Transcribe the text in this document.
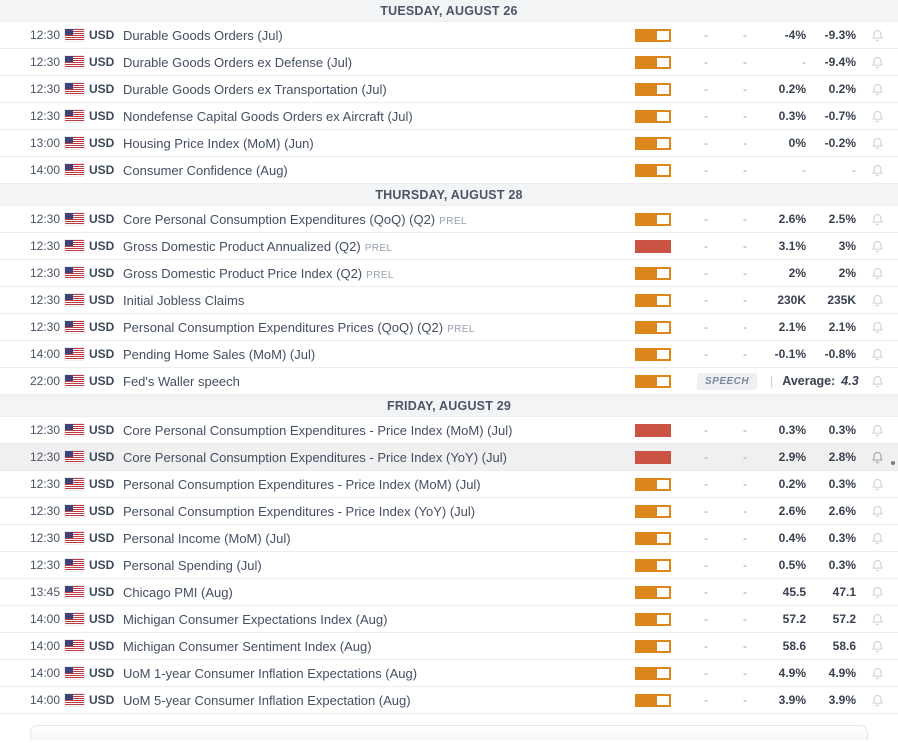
TUESDAY, AUGUST 26
12:30 USD Durable Goods Orders (Jul)	-	-	-4%	-9.3%
12:30 USD Durable Goods Orders ex Defense (Jul)	-	-	-	-9.4%
12:30 USD Durable Goods Orders ex Transportation (Jul)	-	-	0.2%	0.2%
12:30 USD Nondefense Capital Goods Orders ex Aircraft (Jul)	-	-	0.3%	-0.7%
13:00 USD Housing Price Index (MoM) (Jun)	-	-	0%	-0.2%
14:00 USD Consumer Confidence (Aug)	-	-	-	-
THURSDAY, AUGUST 28
12:30 USD Core Personal Consumption Expenditures (QoQ) (Q2) PREL	-	-	2.6%	2.5%
12:30 USD Gross Domestic Product Annualized (Q2) PREL	-	-	3.1%	3%
12:30 USD Gross Domestic Product Price Index (Q2) PREL	-	-	2%	2%
12:30 USD Initial Jobless Claims	-	-	230K	235K
12:30 USD Personal Consumption Expenditures Prices (QoQ) (Q2) PREL	-	-	2.1%	2.1%
14:00 USD Pending Home Sales (MoM) (Jul)	-	-	-0.1%	-0.8%
22:00 USD Fed's Waller speech	SPEECH	| Average: 4.3
FRIDAY, AUGUST 29
12:30 USD Core Personal Consumption Expenditures - Price Index (MoM) (Jul)	-	-	0.3%	0.3%
12:30 USD Core Personal Consumption Expenditures - Price Index (YoY) (Jul)	-	-	2.9%	2.8%
12:30 USD Personal Consumption Expenditures - Price Index (MoM) (Jul)	-	-	0.2%	0.3%
12:30 USD Personal Consumption Expenditures - Price Index (YoY) (Jul)	-	-	2.6%	2.6%
12:30 USD Personal Income (MoM) (Jul)	-	-	0.4%	0.3%
12:30 USD Personal Spending (Jul)	-	-	0.5%	0.3%
13:45 USD Chicago PMI (Aug)	-	-	45.5	47.1
14:00 USD Michigan Consumer Expectations Index (Aug)	-	-	57.2	57.2
14:00 USD Michigan Consumer Sentiment Index (Aug)	-	-	58.6	58.6
14:00 USD UoM 1-year Consumer Inflation Expectations (Aug)	-	-	4.9%	4.9%
14:00 USD UoM 5-year Consumer Inflation Expectation (Aug)	-	-	3.9%	3.9%
